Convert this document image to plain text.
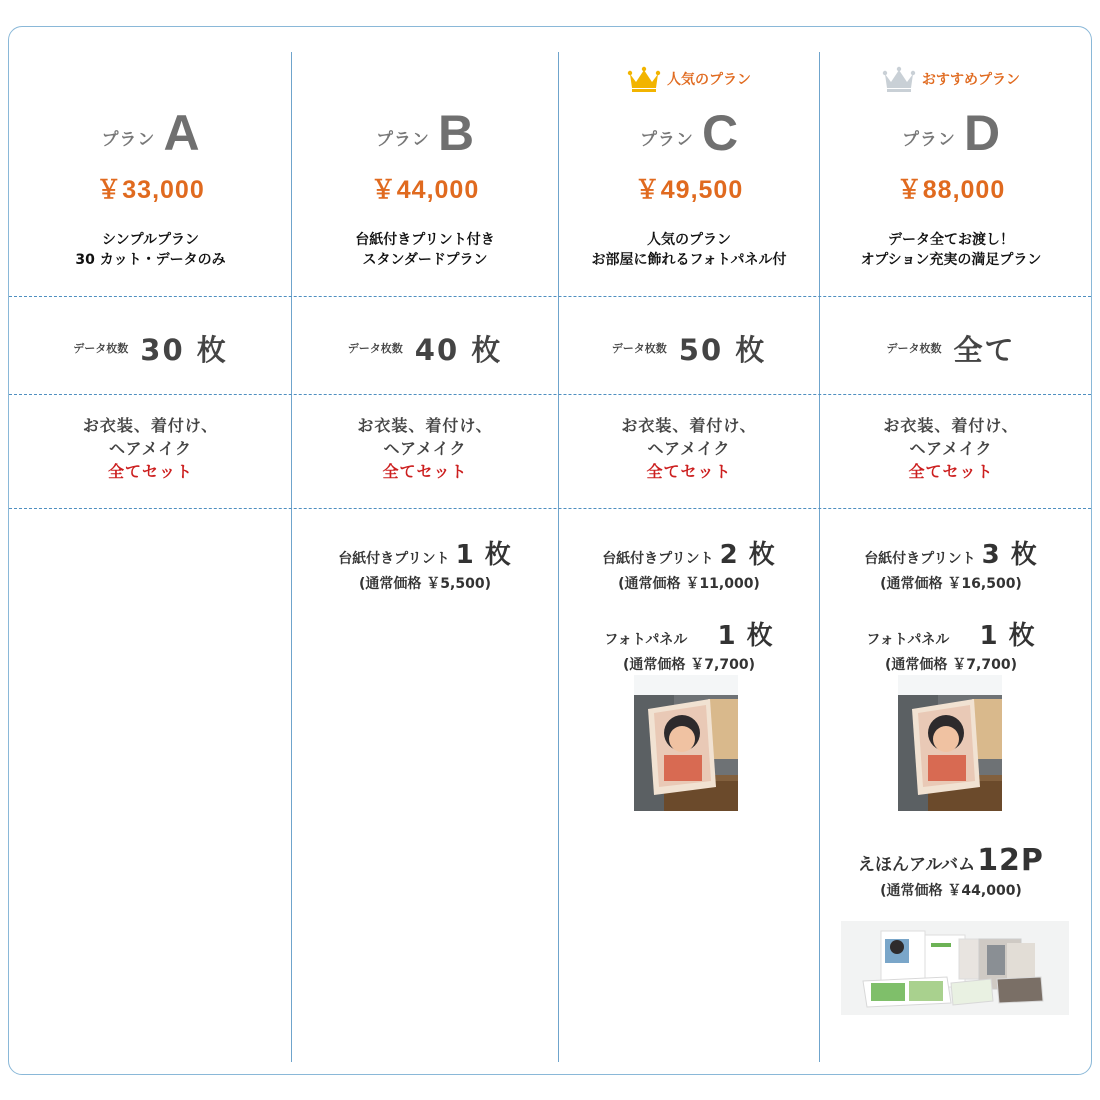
プラン A
￥33,000
シンプルプラン
30 カット・データのみ
データ枚数 30 枚
お衣装、着付け、
ヘアメイク
全てセット
プラン B
￥44,000
台紙付きプリント付き
スタンダードプラン
データ枚数 40 枚
お衣装、着付け、
ヘアメイク
全てセット
台紙付きプリント 1 枚
(通常価格 ￥5,500)
人気のプラン
プラン C
￥49,500
人気のプラン
お部屋に飾れるフォトパネル付
データ枚数 50 枚
お衣装、着付け、
ヘアメイク
全てセット
台紙付きプリント 2 枚
(通常価格 ￥11,000)
フォトパネル 1 枚
(通常価格 ￥7,700)
おすすめプラン
プラン D
￥88,000
データ全てお渡し！
オプション充実の満足プラン
データ枚数 全て
お衣装、着付け、
ヘアメイク
全てセット
台紙付きプリント 3 枚
(通常価格 ￥16,500)
フォトパネル 1 枚
(通常価格 ￥7,700)
えほんアルバム 12P
(通常価格 ￥44,000)
